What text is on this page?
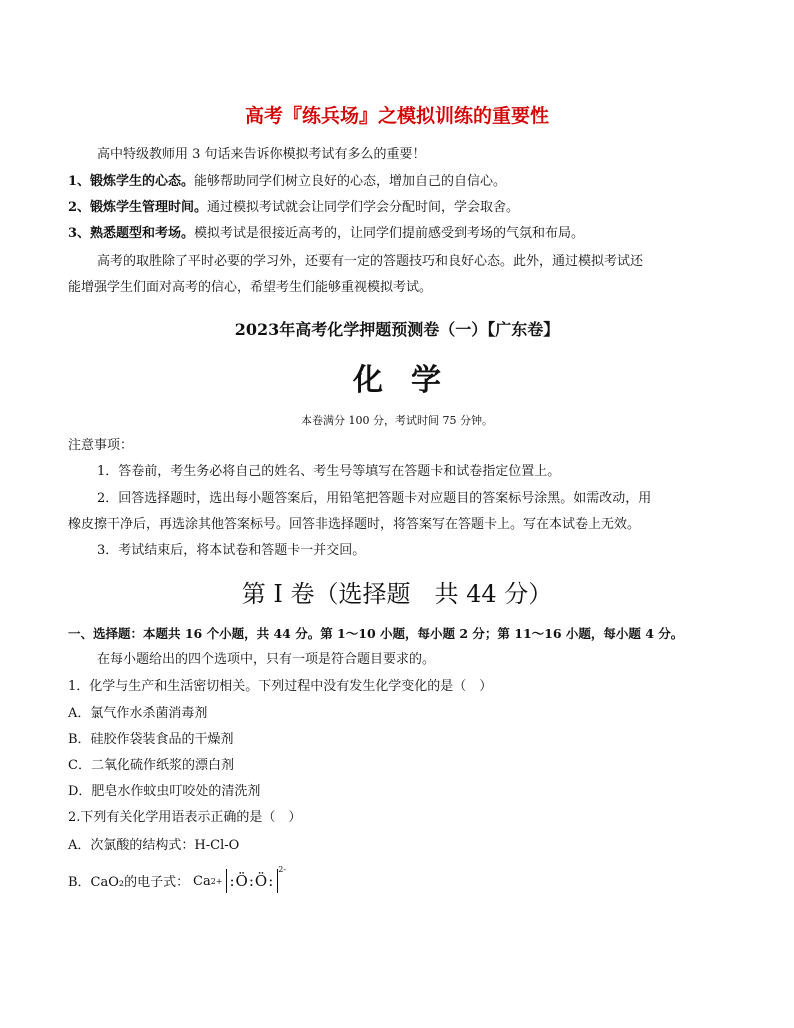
高考『练兵场』之模拟训练的重要性
高中特级教师用 3 句话来告诉你模拟考试有多么的重要！
1、锻炼学生的心态。能够帮助同学们树立良好的心态，增加自己的自信心。
2、锻炼学生管理时间。通过模拟考试就会让同学们学会分配时间，学会取舍。
3、熟悉题型和考场。模拟考试是很接近高考的，让同学们提前感受到考场的气氛和布局。
高考的取胜除了平时必要的学习外，还要有一定的答题技巧和良好心态。此外，通过模拟考试还
能增强学生们面对高考的信心，希望考生们能够重视模拟考试。
2023年高考化学押题预测卷（一）【广东卷】
化学
本卷满分 100 分，考试时间 75 分钟。
注意事项：
1．答卷前，考生务必将自己的姓名、考生号等填写在答题卡和试卷指定位置上。
2．回答选择题时，选出每小题答案后，用铅笔把答题卡对应题目的答案标号涂黑。如需改动，用
橡皮擦干净后，再选涂其他答案标号。回答非选择题时，将答案写在答题卡上。写在本试卷上无效。
3．考试结束后，将本试卷和答题卡一并交回。
第 I 卷（选择题　共 44 分）
一、选择题：本题共 16 个小题，共 44 分。第 1～10 小题，每小题 2 分；第 11～16 小题，每小题 4 分。
在每小题给出的四个选项中，只有一项是符合题目要求的。
1．化学与生产和生活密切相关。下列过程中没有发生化学变化的是（　）
A．氯气作水杀菌消毒剂
B．硅胶作袋装食品的干燥剂
C．二氧化硫作纸浆的漂白剂
D．肥皂水作蚊虫叮咬处的清洗剂
2.下列有关化学用语表示正确的是（　）
A．次氯酸的结构式：H-Cl-O
B．CaO₂的电子式： Ca 2+ :Ö:Ö:
$^{2-}$
